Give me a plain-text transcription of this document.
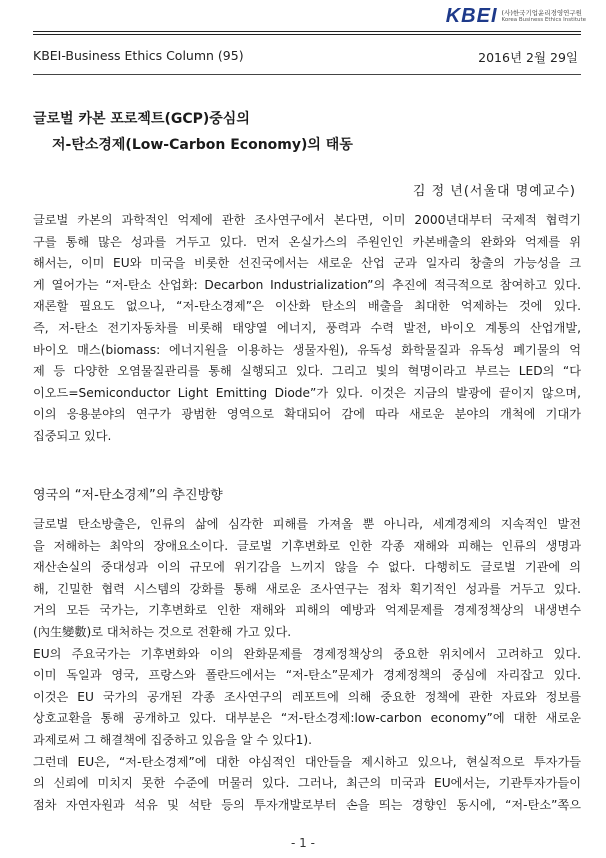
KBEI (사)한국기업윤리경영연구원
Korea Business Ethics Institute
KBEI-Business Ethics Column (95)	2016년 2월 29일
글로벌 카본 포로젝트(GCP)중심의
저-탄소경제(Low-Carbon Economy)의 태동
김 정 년(서울대 명예교수)
글로벌 카본의 과학적인 억제에 관한 조사연구에서 본다면, 이미 2000년대부터 국제적 협력기
구를 통해 많은 성과를 거두고 있다. 먼저 온실가스의 주원인인 카본배출의 완화와 억제를 위
해서는, 이미 EU와 미국을 비롯한 선진국에서는 새로운 산업 군과 일자리 창출의 가능성을 크
게 열어가는 “저-탄소 산업화: Decarbon Industrialization”의 추진에 적극적으로 참여하고 있다.
재론할 필요도 없으나, “저-탄소경제”은 이산화 탄소의 배출을 최대한 억제하는 것에 있다.
즉, 저-탄소 전기자동차를 비롯해 태양열 에너지, 풍력과 수력 발전, 바이오 계통의 산업개발,
바이오 매스(biomass: 에너지원을 이용하는 생물자원), 유독성 화학물질과 유독성 폐기물의 억
제 등 다양한 오염물질관리를 통해 실행되고 있다. 그리고 빛의 혁명이라고 부르는 LED의 “다
이오드=Semiconductor Light Emitting Diode”가 있다. 이것은 지금의 발광에 끝이지 않으며,
이의 응용분야의 연구가 광범한 영역으로 확대되어 감에 따라 새로운 분야의 개척에 기대가
집중되고 있다.
영국의 “저-탄소경제”의 추진방향
글로벌 탄소방출은, 인류의 삶에 심각한 피해를 가져올 뿐 아니라, 세계경제의 지속적인 발전
을 저해하는 최악의 장애요소이다. 글로벌 기후변화로 인한 각종 재해와 피해는 인류의 생명과
재산손실의 중대성과 이의 규모에 위기감을 느끼지 않을 수 없다. 다행히도 글로벌 기관에 의
해, 긴밀한 협력 시스템의 강화를 통해 새로운 조사연구는 점차 획기적인 성과를 거두고 있다.
거의 모든 국가는, 기후변화로 인한 재해와 피해의 예방과 억제문제를 경제정책상의 내생변수
(內生變數)로 대처하는 것으로 전환해 가고 있다.
EU의 주요국가는 기후변화와 이의 완화문제를 경제정책상의 중요한 위치에서 고려하고 있다.
이미 독일과 영국, 프랑스와 폴란드에서는 “저-탄소”문제가 경제정책의 중심에 자리잡고 있다.
이것은 EU 국가의 공개된 각종 조사연구의 레포트에 의해 중요한 정책에 관한 자료와 정보를
상호교환을 통해 공개하고 있다. 대부분은 “저-탄소경제:low-carbon economy”에 대한 새로운
과제로써 그 해결책에 집중하고 있음을 알 수 있다1).
그런데 EU은, “저-탄소경제”에 대한 야심적인 대안들을 제시하고 있으나, 현실적으로 투자가들
의 신뢰에 미치지 못한 수준에 머물러 있다. 그러나, 최근의 미국과 EU에서는, 기관투자가들이
점차 자연자원과 석유 및 석탄 등의 투자개발로부터 손을 띄는 경향인 동시에, “저-탄소”쪽으
- 1 -
